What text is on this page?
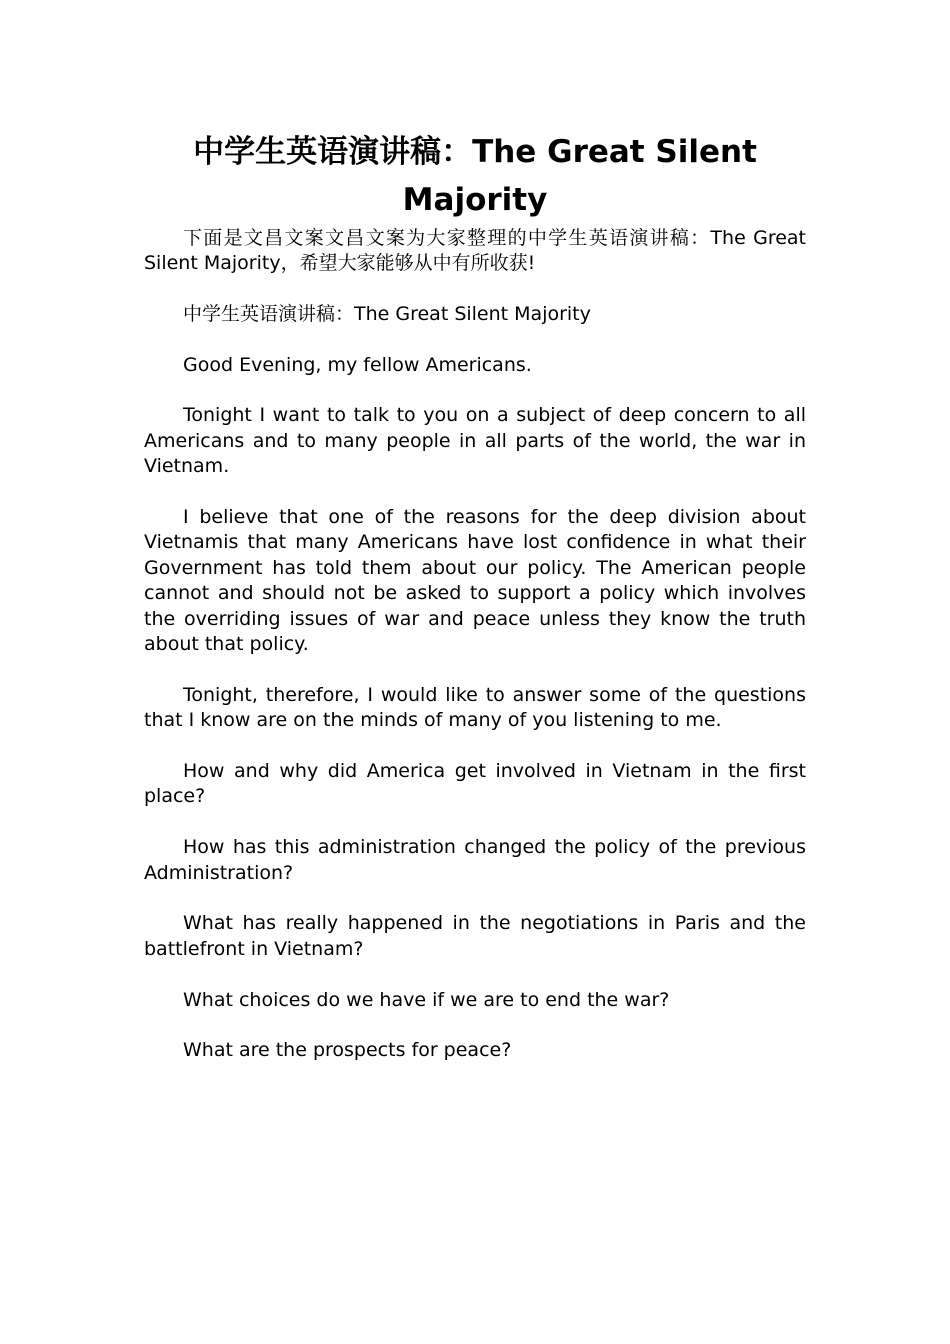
中学生英语演讲稿：The Great Silent Majority

下面是文昌文案文昌文案为大家整理的中学生英语演讲稿：The Great Silent Majority，希望大家能够从中有所收获!

中学生英语演讲稿：The Great Silent Majority

Good Evening, my fellow Americans.

Tonight I want to talk to you on a subject of deep concern to all Americans and to many people in all parts of the world, the war in Vietnam.

I believe that one of the reasons for the deep division about Vietnamis that many Americans have lost confidence in what their Government has told them about our policy. The American people cannot and should not be asked to support a policy which involves the overriding issues of war and peace unless they know the truth about that policy.

Tonight, therefore, I would like to answer some of the questions that I know are on the minds of many of you listening to me.

How and why did America get involved in Vietnam in the first place?

How has this administration changed the policy of the previous Administration?

What has really happened in the negotiations in Paris and the battlefront in Vietnam?

What choices do we have if we are to end the war?

What are the prospects for peace?
